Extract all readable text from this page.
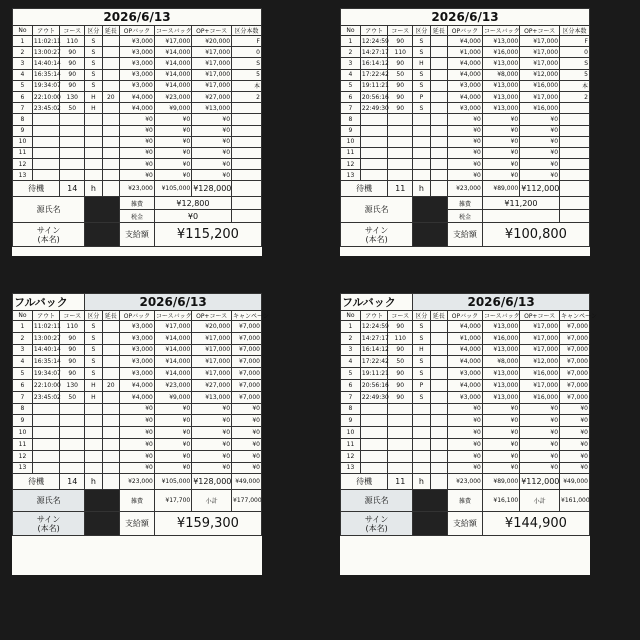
2026/6/13								
No	アウト	コース	区分	延長	OPバック	コースバック	OP+コース	区分本数
1	11:02:11	110	S		¥3,000	¥17,000	¥20,000	F
2	13:00:27	90	S		¥3,000	¥14,000	¥17,000	0
3	14:40:14	90	S		¥3,000	¥14,000	¥17,000	S
4	16:35:14	90	S		¥3,000	¥14,000	¥17,000	5
5	19:34:07	90	S		¥3,000	¥14,000	¥17,000	本
6	22:10:00	130	H	20	¥4,000	¥23,000	¥27,000	2
7	23:45:02	50	H		¥4,000	¥9,000	¥13,000	
8					¥0	¥0	¥0	
9					¥0	¥0	¥0	
10					¥0	¥0	¥0	
11					¥0	¥0	¥0	
12					¥0	¥0	¥0	
13					¥0	¥0	¥0	
待機		14	h		¥23,000	¥105,000	¥128,000	
源氏名					雑費	¥12,800		
					税金	¥0		
サイン
(本名)					支給額	¥115,200		
2026/6/13								
No	アウト	コース	区分	延長	OPバック	コースバック	OP+コース	区分本数
1	12:24:59	90	S		¥4,000	¥13,000	¥17,000	F
2	14:27:17	110	S		¥1,000	¥16,000	¥17,000	0
3	16:14:12	90	H		¥4,000	¥13,000	¥17,000	S
4	17:22:42	50	S		¥4,000	¥8,000	¥12,000	5
5	19:11:21	90	S		¥3,000	¥13,000	¥16,000	本
6	20:56:16	90	P		¥4,000	¥13,000	¥17,000	2
7	22:49:30	90	S		¥3,000	¥13,000	¥16,000	
8					¥0	¥0	¥0	
9					¥0	¥0	¥0	
10					¥0	¥0	¥0	
11					¥0	¥0	¥0	
12					¥0	¥0	¥0	
13					¥0	¥0	¥0	
待機		11	h		¥23,000	¥89,000	¥112,000	
源氏名					雑費	¥11,200		
					税金			
サイン
(本名)					支給額	¥100,800		
フルバック			2026/6/13					
No	アウト	コース	区分	延長	OPバック	コースバック	OP+コース	キャンペーン
1	11:02:11	110	S		¥3,000	¥17,000	¥20,000	¥7,000
2	13:00:27	90	S		¥3,000	¥14,000	¥17,000	¥7,000
3	14:40:14	90	S		¥3,000	¥14,000	¥17,000	¥7,000
4	16:35:14	90	S		¥3,000	¥14,000	¥17,000	¥7,000
5	19:34:07	90	S		¥3,000	¥14,000	¥17,000	¥7,000
6	22:10:00	130	H	20	¥4,000	¥23,000	¥27,000	¥7,000
7	23:45:02	50	H		¥4,000	¥9,000	¥13,000	¥7,000
8					¥0	¥0	¥0	¥0
9					¥0	¥0	¥0	¥0
10					¥0	¥0	¥0	¥0
11					¥0	¥0	¥0	¥0
12					¥0	¥0	¥0	¥0
13					¥0	¥0	¥0	¥0
待機		14	h		¥23,000	¥105,000	¥128,000	¥49,000
源氏名					雑費	¥17,700	小計	¥177,000
サイン
(本名)					支給額	¥159,300		
フルバック			2026/6/13					
No	アウト	コース	区分	延長	OPバック	コースバック	OP+コース	キャンペーン
1	12:24:59	90	S		¥4,000	¥13,000	¥17,000	¥7,000
2	14:27:17	110	S		¥1,000	¥16,000	¥17,000	¥7,000
3	16:14:12	90	H		¥4,000	¥13,000	¥17,000	¥7,000
4	17:22:42	50	S		¥4,000	¥8,000	¥12,000	¥7,000
5	19:11:21	90	S		¥3,000	¥13,000	¥16,000	¥7,000
6	20:56:16	90	P		¥4,000	¥13,000	¥17,000	¥7,000
7	22:49:30	90	S		¥3,000	¥13,000	¥16,000	¥7,000
8					¥0	¥0	¥0	¥0
9					¥0	¥0	¥0	¥0
10					¥0	¥0	¥0	¥0
11					¥0	¥0	¥0	¥0
12					¥0	¥0	¥0	¥0
13					¥0	¥0	¥0	¥0
待機		11	h		¥23,000	¥89,000	¥112,000	¥49,000
源氏名					雑費	¥16,100	小計	¥161,000
サイン
(本名)					支給額	¥144,900		
